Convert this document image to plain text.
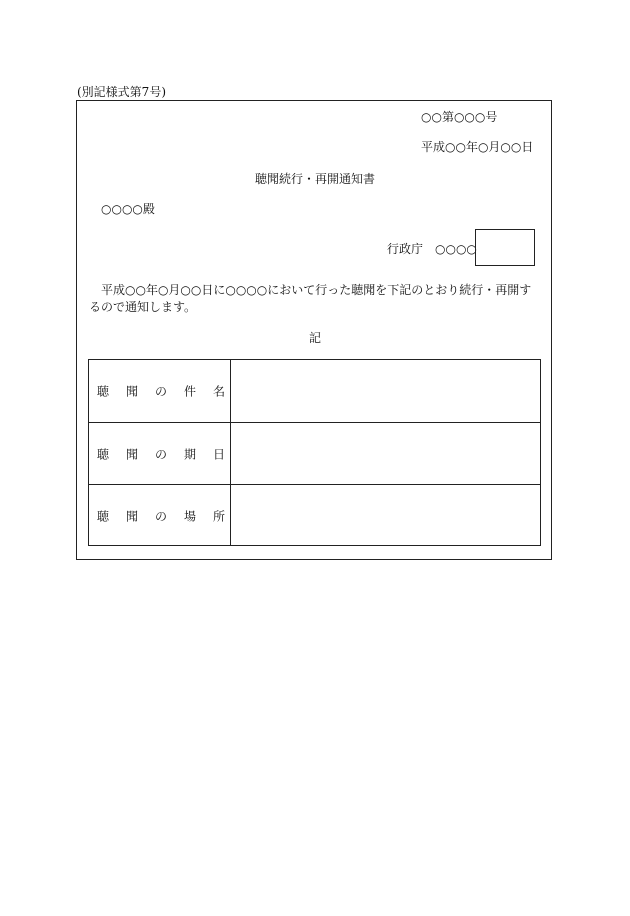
(別記様式第7号)
○○第○○○号
平成○○年○月○○日
聴聞続行・再開通知書
○○○○殿
行政庁　○○○○
平成○○年○月○○日に○○○○において行った聴聞を下記のとおり続行・再開するので通知します。
記
聴 聞 の 件 名
聴 聞 の 期 日
聴 聞 の 場 所
